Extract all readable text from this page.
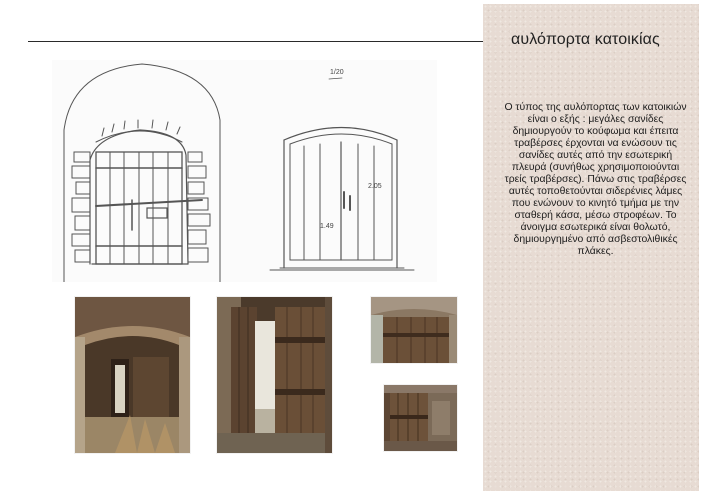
αυλόπορτα κατοικίας
1/20
1.49
2.05
Ο τύπος της αυλόπορτας των κατοικιών είναι ο εξής : μεγάλες σανίδες δημιουργούν το κούφωμα και έπειτα τραβέρσες έρχονται να ενώσουν τις σανίδες αυτές από την εσωτερική πλευρά (συνήθως χρησιμοποιούνται τρείς τραβέρσες). Πάνω στις τραβέρσες αυτές τοποθετούνται σιδερένιες λάμες που ενώνουν το κινητό τμήμα με την σταθερή κάσα, μέσω στροφέων. Το άνοιγμα εσωτερικά είναι θολωτό, δημιουργημένο από ασβεστολιθικές πλάκες.
